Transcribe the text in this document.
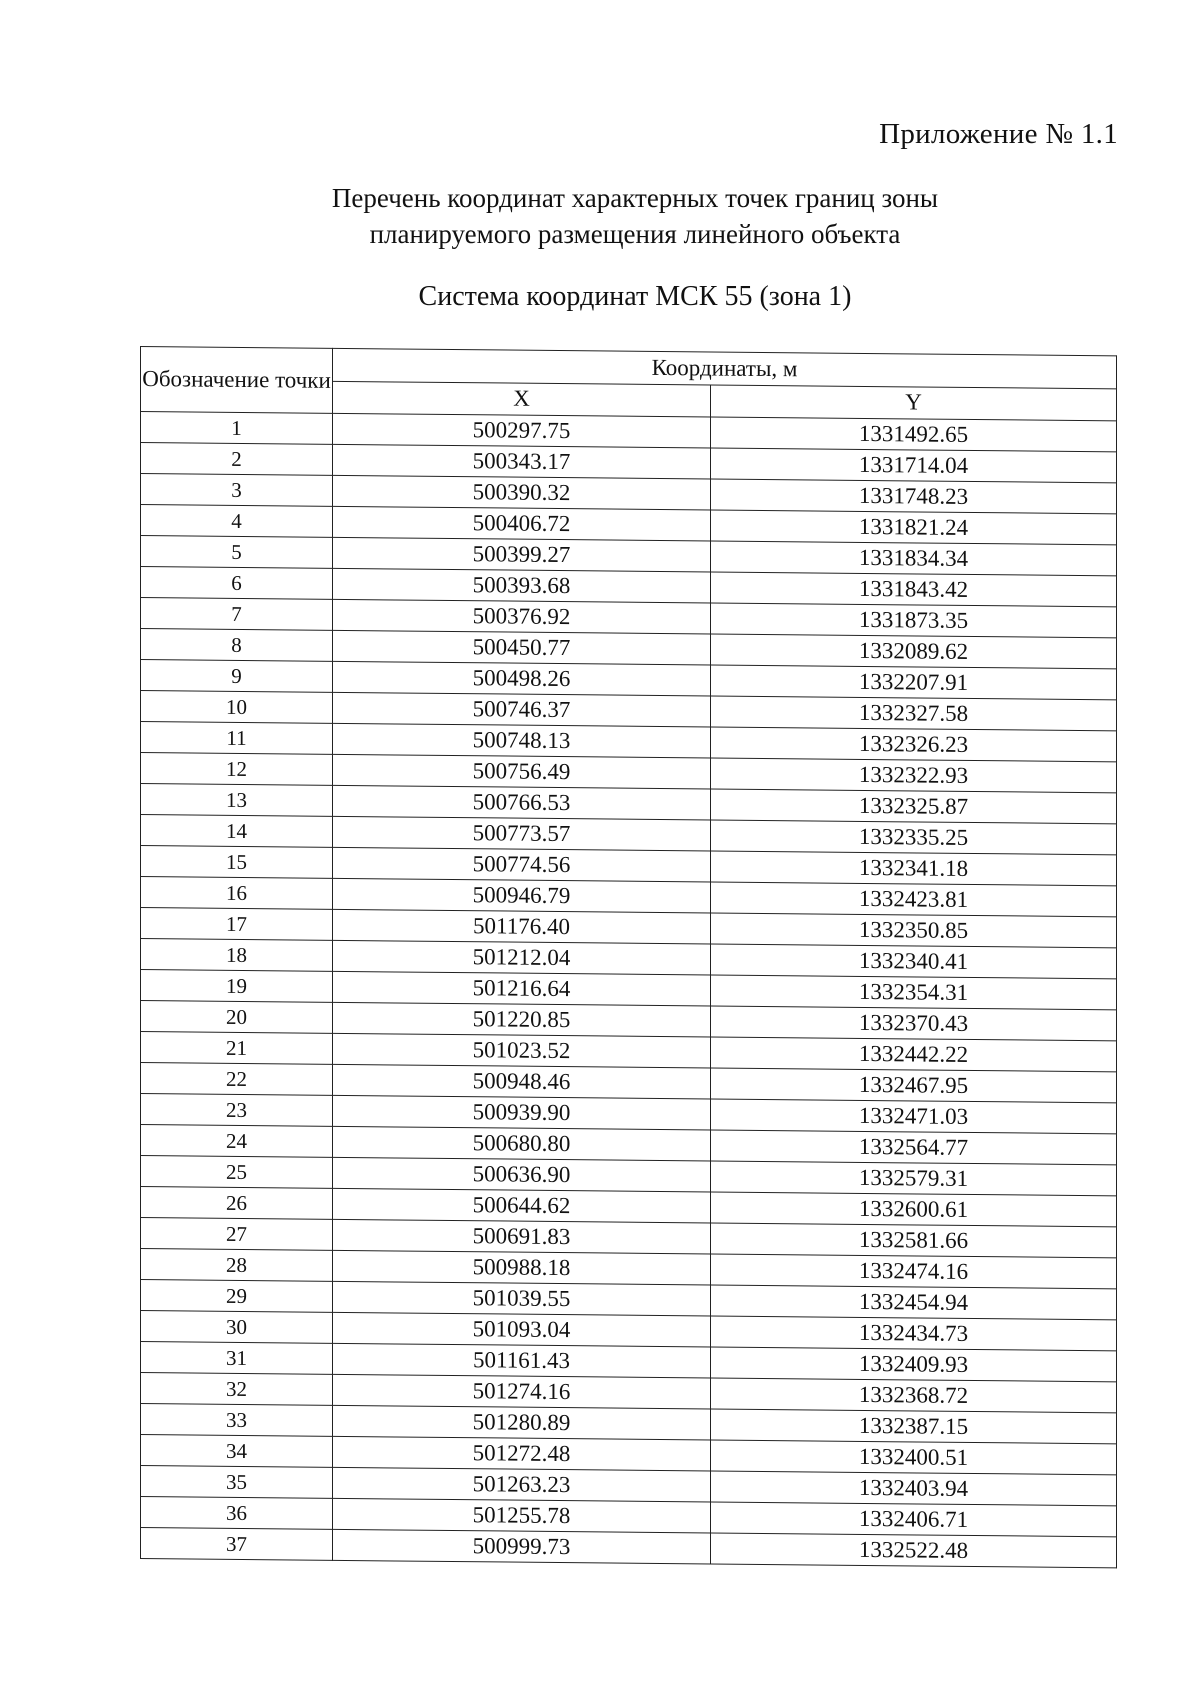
Приложение № 1.1
Перечень координат характерных точек границ зоны
планируемого размещения линейного объекта
Система координат МСК 55 (зона 1)
Обозначение точки	Координаты, м	
	X	Y
1	500297.75	1331492.65
2	500343.17	1331714.04
3	500390.32	1331748.23
4	500406.72	1331821.24
5	500399.27	1331834.34
6	500393.68	1331843.42
7	500376.92	1331873.35
8	500450.77	1332089.62
9	500498.26	1332207.91
10	500746.37	1332327.58
11	500748.13	1332326.23
12	500756.49	1332322.93
13	500766.53	1332325.87
14	500773.57	1332335.25
15	500774.56	1332341.18
16	500946.79	1332423.81
17	501176.40	1332350.85
18	501212.04	1332340.41
19	501216.64	1332354.31
20	501220.85	1332370.43
21	501023.52	1332442.22
22	500948.46	1332467.95
23	500939.90	1332471.03
24	500680.80	1332564.77
25	500636.90	1332579.31
26	500644.62	1332600.61
27	500691.83	1332581.66
28	500988.18	1332474.16
29	501039.55	1332454.94
30	501093.04	1332434.73
31	501161.43	1332409.93
32	501274.16	1332368.72
33	501280.89	1332387.15
34	501272.48	1332400.51
35	501263.23	1332403.94
36	501255.78	1332406.71
37	500999.73	1332522.48
